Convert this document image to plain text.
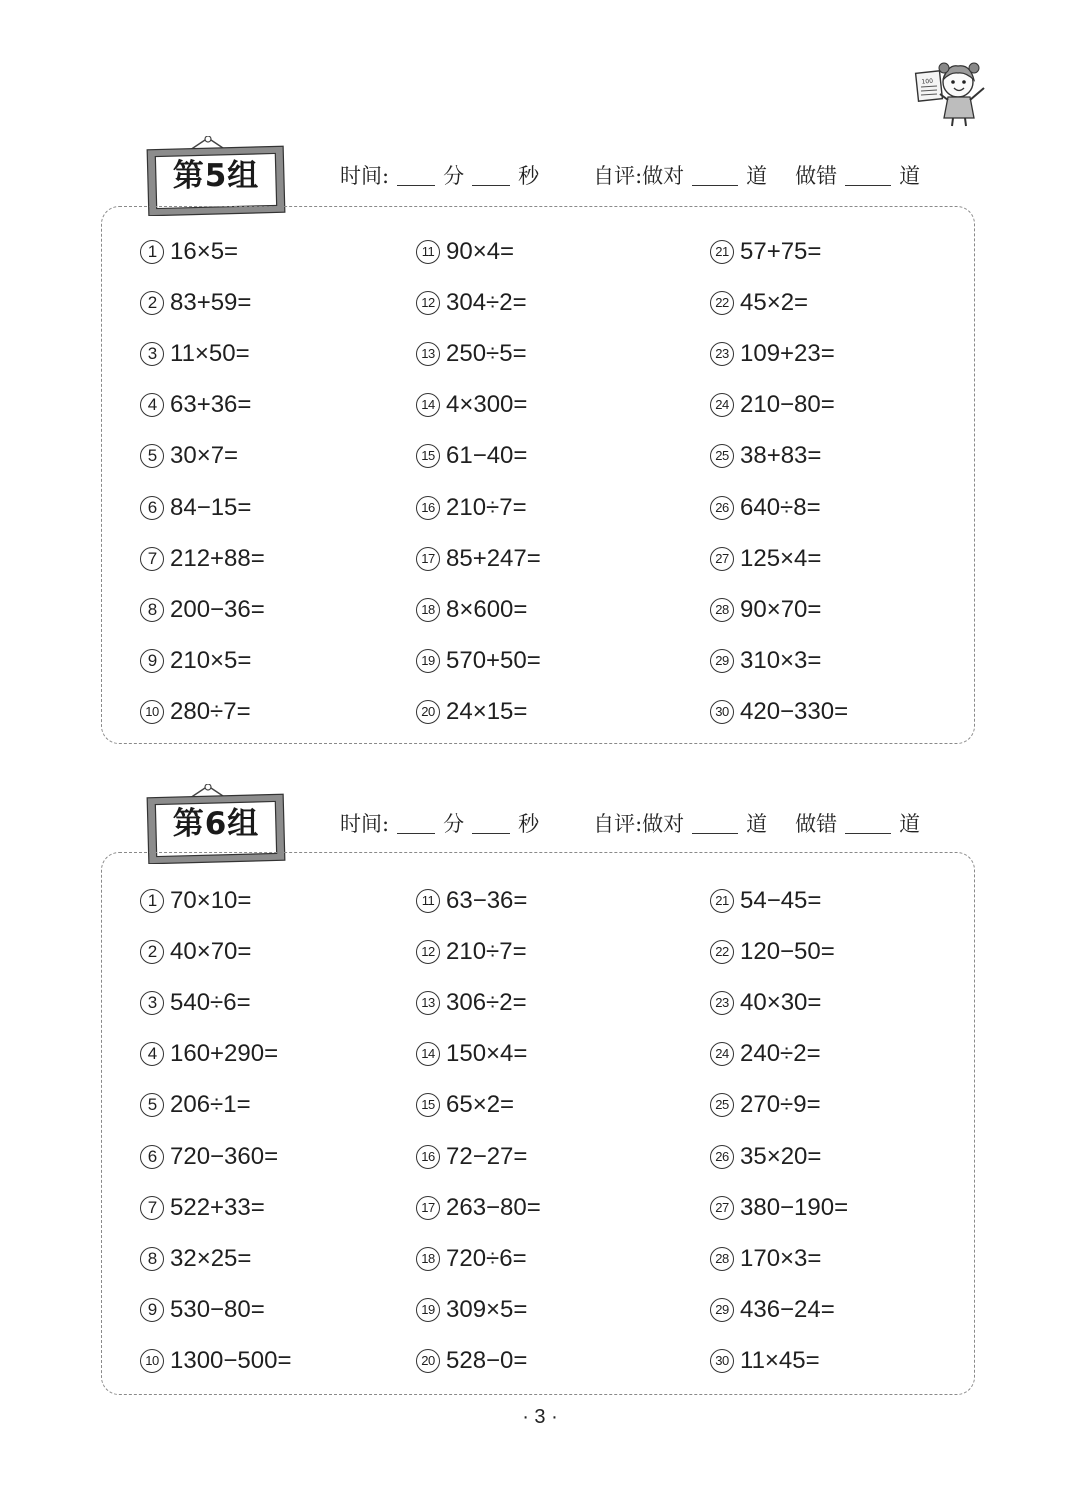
100
第5组	时间:	分	秒	自评:做对	道 做错	道
1 16×5=
2 83+59=
3 11×50=
4 63+36=
5 30×7=
6 84−15=
7 212+88=
8 200−36=
9 210×5=
10 280÷7=
11 90×4=
12 304÷2=
13 250÷5=
14 4×300=
15 61−40=
16 210÷7=
17 85+247=
18 8×600=
19 570+50=
20 24×15=
21 57+75=
22 45×2=
23 109+23=
24 210−80=
25 38+83=
26 640÷8=
27 125×4=
28 90×70=
29 310×3=
30 420−330=
第6组	时间:	分	秒	自评:做对	道 做错	道
1 70×10=
2 40×70=
3 540÷6=
4 160+290=
5 206÷1=
6 720−360=
7 522+33=
8 32×25=
9 530−80=
10 1300−500=
11 63−36=
12 210÷7=
13 306÷2=
14 150×4=
15 65×2=
16 72−27=
17 263−80=
18 720÷6=
19 309×5=
20 528−0=
21 54−45=
22 120−50=
23 40×30=
24 240÷2=
25 270÷9=
26 35×20=
27 380−190=
28 170×3=
29 436−24=
30 11×45=
· 3 ·
